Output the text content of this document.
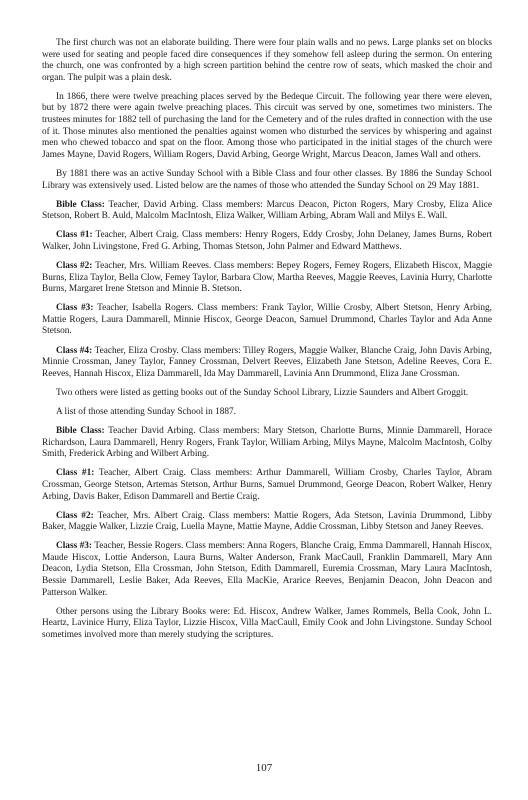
The first church was not an elaborate building. There were four plain walls and no pews. Large planks set on blocks were used for seating and people faced dire consequences if they somehow fell asleep during the sermon. On entering the church, one was confronted by a high screen partition behind the centre row of seats, which masked the choir and organ. The pulpit was a plain desk.

In 1866, there were twelve preaching places served by the Bedeque Circuit. The following year there were eleven, but by 1872 there were again twelve preaching places. This circuit was served by one, sometimes two ministers. The trustees minutes for 1882 tell of purchasing the land for the Cemetery and of the rules drafted in connection with the use of it. Those minutes also mentioned the penalties against women who disturbed the services by whispering and against men who chewed tobacco and spat on the floor. Among those who participated in the initial stages of the church were James Mayne, David Rogers, William Rogers, David Arbing, George Wright, Marcus Deacon, James Wall and others.

By 1881 there was an active Sunday School with a Bible Class and four other classes. By 1886 the Sunday School Library was extensively used. Listed below are the names of those who attended the Sunday School on 29 May 1881.

Bible Class: Teacher, David Arbing. Class members: Marcus Deacon, Picton Rogers, Mary Crosby, Eliza Alice Stetson, Robert B. Auld, Malcolm MacIntosh, Eliza Walker, William Arbing, Abram Wall and Milys E. Wall.

Class #1: Teacher, Albert Craig. Class members: Henry Rogers, Eddy Crosby, John Delaney, James Burns, Robert Walker, John Livingstone, Fred G. Arbing, Thomas Stetson, John Palmer and Edward Matthews.

Class #2: Teacher, Mrs. William Reeves. Class members: Bepey Rogers, Femey Rogers, Elizabeth Hiscox, Maggie Burns, Eliza Taylor, Bella Clow, Femey Taylor, Barbara Clow, Martha Reeves, Maggie Reeves, Lavinia Hurry, Charlotte Burns, Margaret Irene Stetson and Minnie B. Stetson.

Class #3: Teacher, Isabella Rogers. Class members: Frank Taylor, Willie Crosby, Albert Stetson, Henry Arbing, Mattie Rogers, Laura Dammarell, Minnie Hiscox, George Deacon, Samuel Drummond, Charles Taylor and Ada Anne Stetson.

Class #4: Teacher, Eliza Crosby. Class members: Tilley Rogers, Maggie Walker, Blanche Craig, John Davis Arbing, Minnie Crossman, Janey Taylor, Fanney Crossman, Delvert Reeves, Elizabeth Jane Stetson, Adeline Reeves, Cora E. Reeves, Hannah Hiscox, Eliza Dammarell, Ida May Dammarell, Lavinia Ann Drummond, Eliza Jane Crossman.

Two others were listed as getting books out of the Sunday School Library, Lizzie Saunders and Albert Groggit.

A list of those attending Sunday School in 1887.

Bible Class: Teacher David Arbing. Class members: Mary Stetson, Charlotte Burns, Minnie Dammarell, Horace Richardson, Laura Dammarell, Henry Rogers, Frank Taylor, William Arbing, Milys Mayne, Malcolm MacIntosh, Colby Smith, Frederick Arbing and Wilbert Arbing.

Class #1: Teacher, Albert Craig. Class members: Arthur Dammarell, William Crosby, Charles Taylor, Abram Crossman, George Stetson, Artemas Stetson, Arthur Burns, Samuel Drummond, George Deacon, Robert Walker, Henry Arbing, Davis Baker, Edison Dammarell and Bertie Craig.

Class #2: Teacher, Mrs. Albert Craig. Class members: Mattie Rogers, Ada Stetson, Lavinia Drummond, Libby Baker, Maggie Walker, Lizzie Craig, Luella Mayne, Mattie Mayne, Addie Crossman, Libby Stetson and Janey Reeves.

Class #3: Teacher, Bessie Rogers. Class members: Anna Rogers, Blanche Craig, Emma Dammarell, Hannah Hiscox, Maude Hiscox, Lottie Anderson, Laura Burns, Walter Anderson, Frank MacCaull, Franklin Dammarell, Mary Ann Deacon, Lydia Stetson, Ella Crossman, John Stetson, Edith Dammarell, Euremia Crossman, Mary Laura MacIntosh, Bessie Dammarell, Leslie Baker, Ada Reeves, Ella MacKie, Ararice Reeves, Benjamin Deacon, John Deacon and Patterson Walker.

Other persons using the Library Books were: Ed. Hiscox, Andrew Walker, James Rommels, Bella Cook, John L. Heartz, Lavinice Hurry, Eliza Taylor, Lizzie Hiscox, Villa MacCaull, Emily Cook and John Livingstone. Sunday School sometimes involved more than merely studying the scriptures.

107
